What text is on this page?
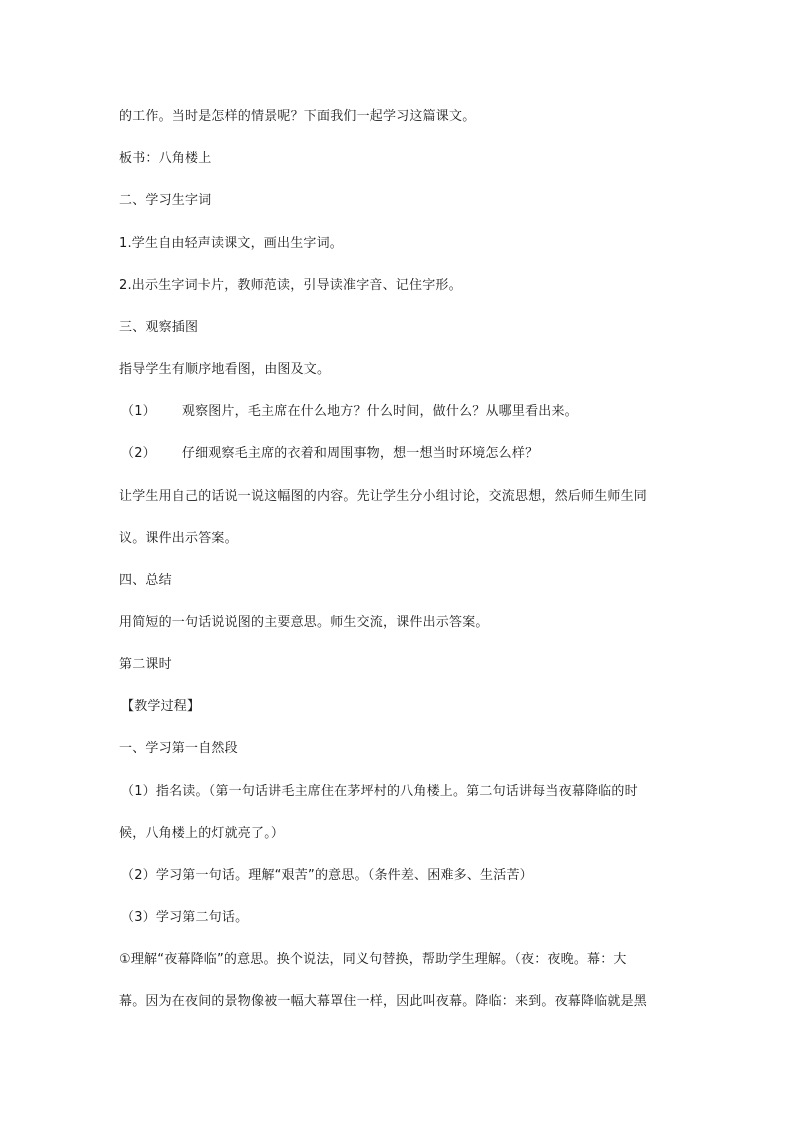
的工作。当时是怎样的情景呢？下面我们一起学习这篇课文。
板书：八角楼上
二、学习生字词
1.学生自由轻声读课文，画出生字词。
2.出示生字词卡片，教师范读，引导读准字音、记住字形。
三、观察插图
指导学生有顺序地看图，由图及文。
（1） 观察图片，毛主席在什么地方？什么时间，做什么？从哪里看出来。
（2） 仔细观察毛主席的衣着和周围事物，想一想当时环境怎么样？
让学生用自己的话说一说这幅图的内容。先让学生分小组讨论，交流思想，然后师生师生同
议。课件出示答案。
四、总结
用简短的一句话说说图的主要意思。师生交流，课件出示答案。
第二课时
【教学过程】
一、学习第一自然段
（1）指名读。（第一句话讲毛主席住在茅坪村的八角楼上。第二句话讲每当夜幕降临的时
候，八角楼上的灯就亮了。）
（2）学习第一句话。理解“艰苦”的意思。（条件差、困难多、生活苦）
（3）学习第二句话。
①理解“夜幕降临”的意思。换个说法，同义句替换，帮助学生理解。（夜：夜晚。幕：大
幕。因为在夜间的景物像被一幅大幕罩住一样，因此叫夜幕。降临：来到。夜幕降临就是黑
